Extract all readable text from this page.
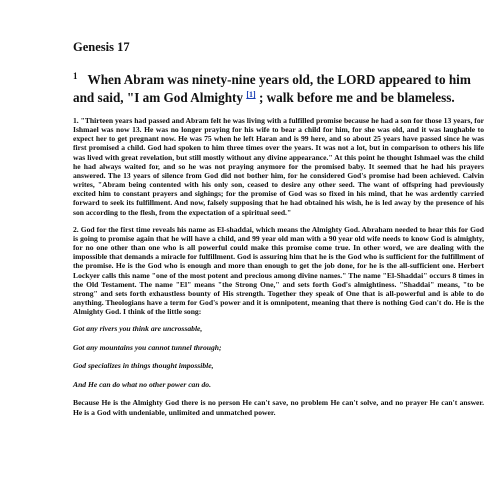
Genesis 17
$^1$ When Abram was ninety-nine years old, the LORD appeared to him and said, "I am God Almighty [1] ; walk before me and be blameless.

1. "Thirteen years had passed and Abram felt he was living with a fulfilled promise because he had a son for those 13 years, for Ishmael was now 13. He was no longer praying for his wife to bear a child for him, for she was old, and it was laughable to expect her to get pregnant now. He was 75 when he left Haran and is 99 here, and so about 25 years have passed since he was first promised a child. God had spoken to him three times over the years. It was not a lot, but in comparison to others his life was lived with great revelation, but still mostly without any divine appearance." At this point he thought Ishmael was the child he had always waited for, and so he was not praying anymore for the promised baby. It seemed that he had his prayers answered. The 13 years of silence from God did not bother him, for he considered God's promise had been achieved. Calvin writes, "Abram being contented with his only son, ceased to desire any other seed. The want of offspring had previously excited him to constant prayers and sighings; for the promise of God was so fixed in his mind, that he was ardently carried forward to seek its fulfillment. And now, falsely supposing that he had obtained his wish, he is led away by the presence of his son according to the flesh, from the expectation of a spiritual seed."

2. God for the first time reveals his name as El-shaddai, which means the Almighty God. Abraham needed to hear this for God is going to promise again that he will have a child, and 99 year old man with a 90 year old wife needs to know God is almighty, for no one other than one who is all powerful could make this promise come true. In other word, we are dealing with the impossible that demands a miracle for fulfillment. God is assuring him that he is the God who is sufficient for the fulfillment of the promise. He is the God who is enough and more than enough to get the job done, for he is the all-sufficient one. Herbert Lockyer calls this name "one of the most potent and precious among divine names." The name "El-Shaddai" occurs 8 times in the Old Testament. The name "El" means "the Strong One," and sets forth God's almightiness. "Shaddai" means, "to be strong" and sets forth exhaustless bounty of His strength. Together they speak of One that is all-powerful and is able to do anything. Theologians have a term for God's power and it is omnipotent, meaning that there is nothing God can't do. He is the Almighty God. I think of the little song:

Got any rivers you think are uncrossable,

Got any mountains you cannot tunnel through;

God specializes in things thought impossible,

And He can do what no other power can do.

Because He is the Almighty God there is no person He can't save, no problem He can't solve, and no prayer He can't answer. He is a God with undeniable, unlimited and unmatched power.
